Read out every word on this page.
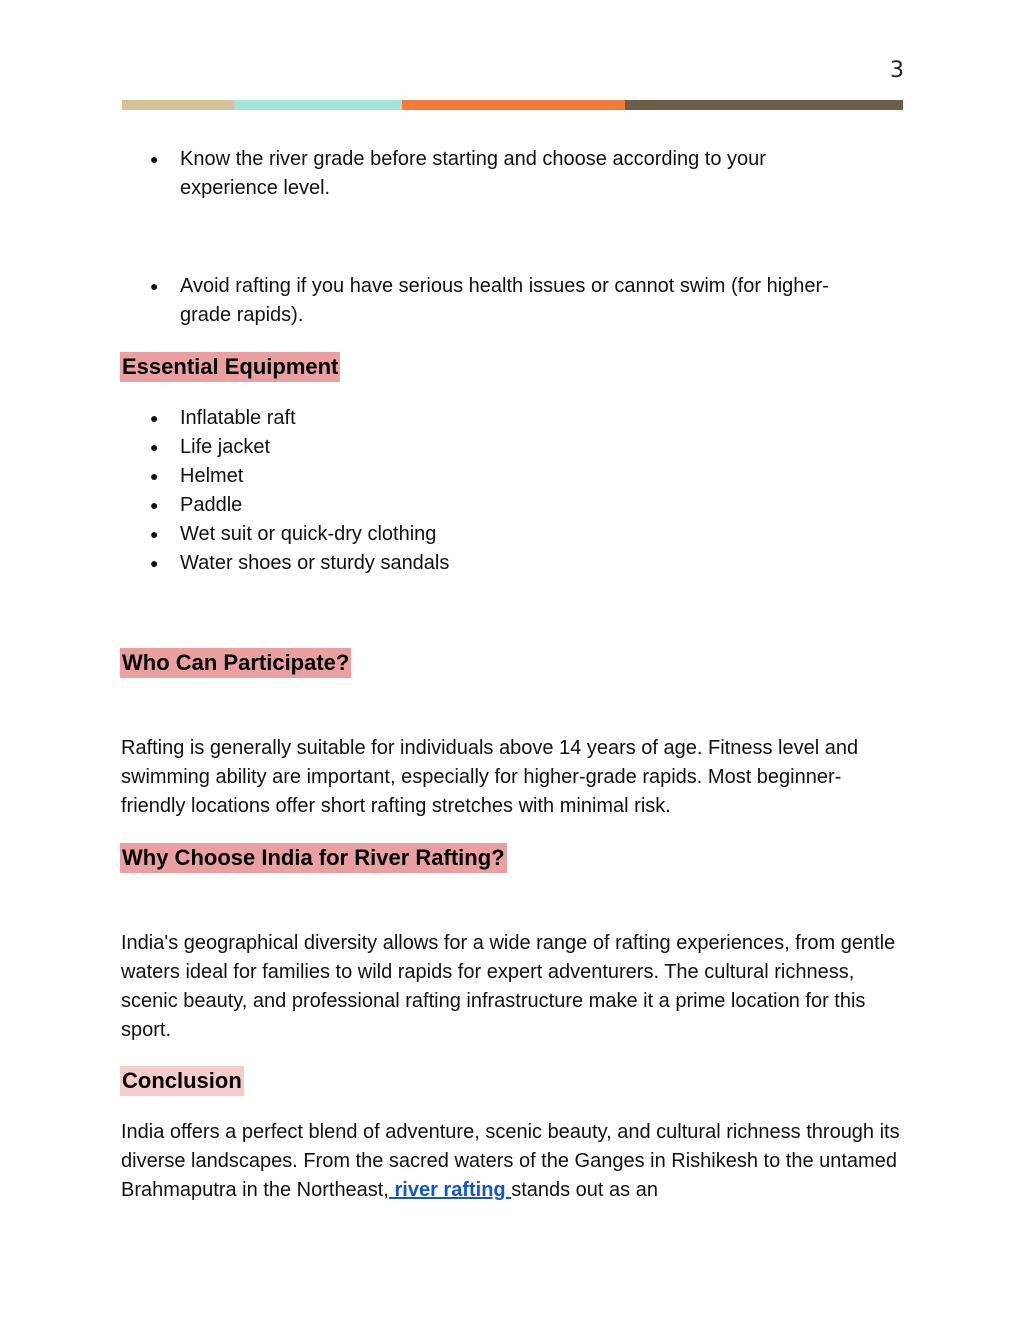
3
● Know the river grade before starting and choose according to your experience level.
● Avoid rafting if you have serious health issues or cannot swim (for higher-grade rapids).
Essential Equipment
● Inflatable raft
● Life jacket
● Helmet
● Paddle
● Wet suit or quick-dry clothing
● Water shoes or sturdy sandals
Who Can Participate?
Rafting is generally suitable for individuals above 14 years of age. Fitness level and swimming ability are important, especially for higher-grade rapids. Most beginner-friendly locations offer short rafting stretches with minimal risk.
Why Choose India for River Rafting?
India's geographical diversity allows for a wide range of rafting experiences, from gentle waters ideal for families to wild rapids for expert adventurers. The cultural richness, scenic beauty, and professional rafting infrastructure make it a prime location for this sport.
Conclusion
India offers a perfect blend of adventure, scenic beauty, and cultural richness through its diverse landscapes. From the sacred waters of the Ganges in Rishikesh to the untamed Brahmaputra in the Northeast, river rafting stands out as an
